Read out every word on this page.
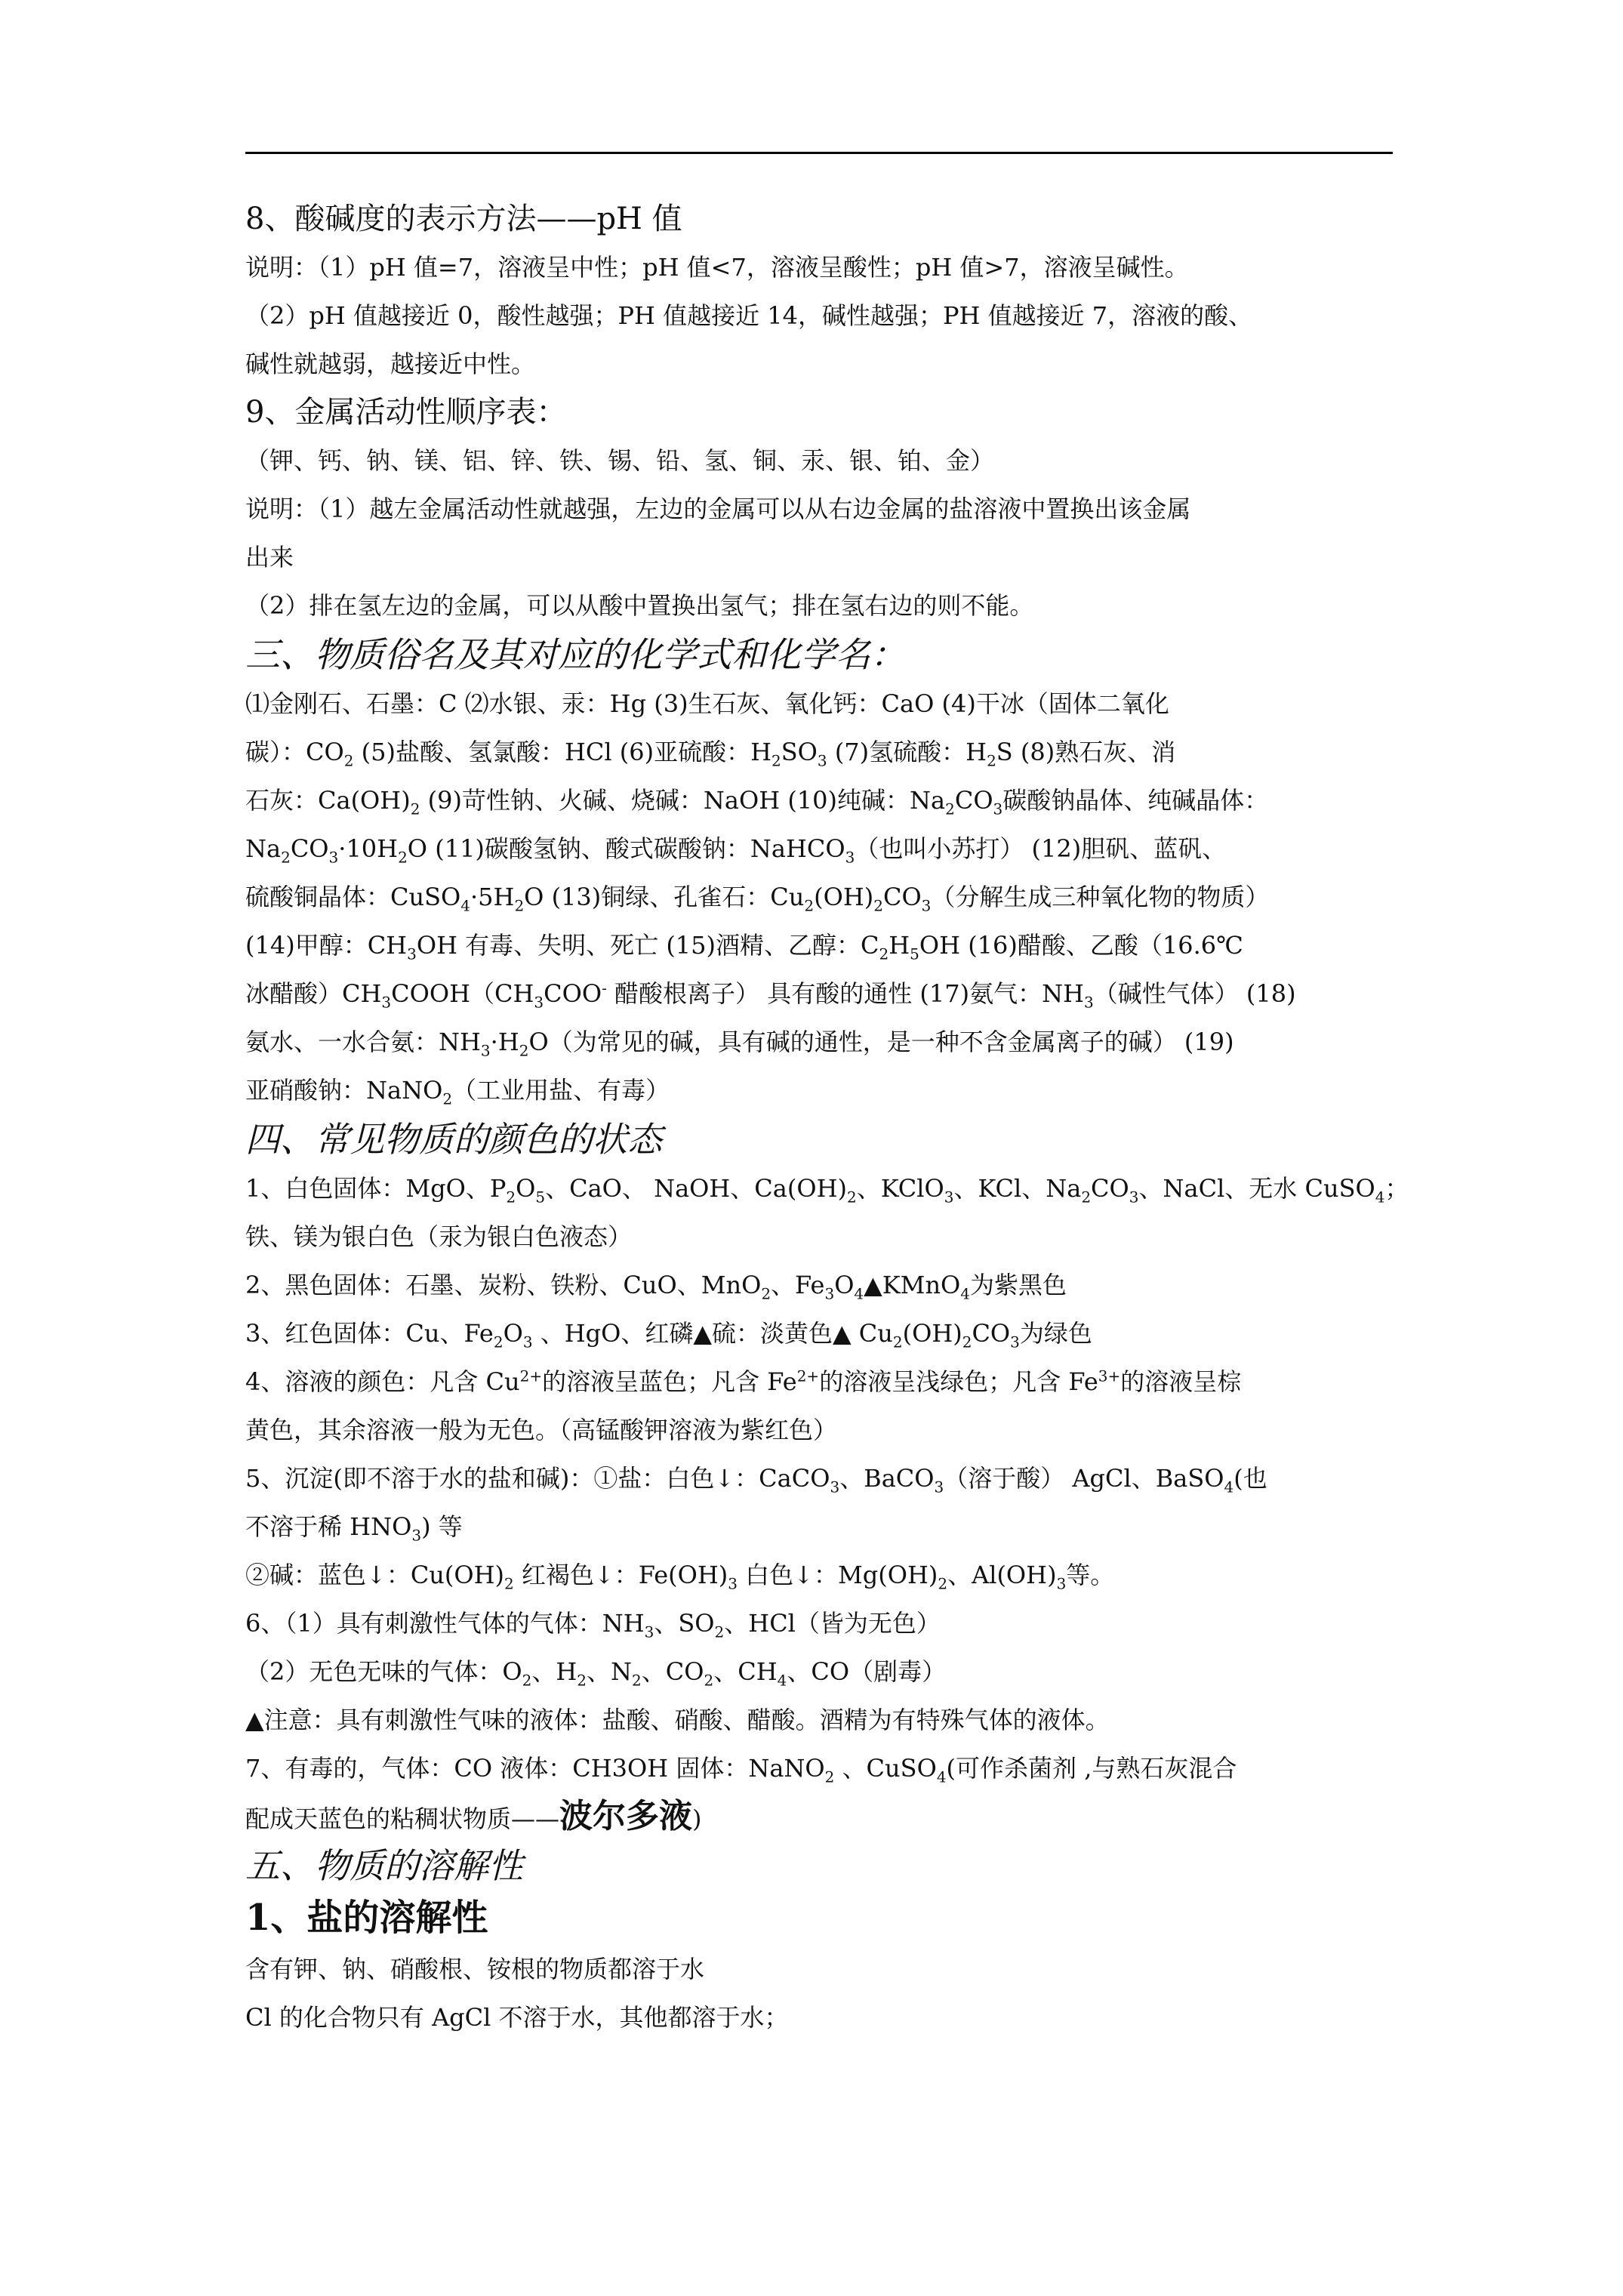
8、酸碱度的表示方法——pH 值
说明：（1）pH 值=7，溶液呈中性；pH 值<7，溶液呈酸性；pH 值>7，溶液呈碱性。
（2）pH 值越接近 0，酸性越强；PH 值越接近 14，碱性越强；PH 值越接近 7，溶液的酸、
碱性就越弱，越接近中性。
9、金属活动性顺序表：
（钾、钙、钠、镁、铝、锌、铁、锡、铅、氢、铜、汞、银、铂、金）
说明：（1）越左金属活动性就越强，左边的金属可以从右边金属的盐溶液中置换出该金属
出来
（2）排在氢左边的金属，可以从酸中置换出氢气；排在氢右边的则不能。
三、物质俗名及其对应的化学式和化学名：
⑴金刚石、石墨：C ⑵水银、汞：Hg (3)生石灰、氧化钙：CaO (4)干冰（固体二氧化
碳）：$CO_2$ (5)盐酸、氢氯酸：HCl (6)亚硫酸：$H_2SO_3$ (7)氢硫酸：$H_2S$ (8)熟石灰、消
石灰：$Ca(OH)_2$ (9)苛性钠、火碱、烧碱：NaOH (10)纯碱：$Na_2CO_3$碳酸钠晶体、纯碱晶体：
$Na_2CO_3\cdot 10H_2O$ (11)碳酸氢钠、酸式碳酸钠：NaHCO$_3$（也叫小苏打） (12)胆矾、蓝矾、
硫酸铜晶体：$CuSO_4\cdot 5H_2O$ (13)铜绿、孔雀石：$Cu_2(OH)_2CO_3$（分解生成三种氧化物的物质）
(14)甲醇：$CH_3OH$ 有毒、失明、死亡 (15)酒精、乙醇：$C_2H_5OH$ (16)醋酸、乙酸（16.6℃
冰醋酸）$CH_3COOH(CH_3COO^-$ 醋酸根离子） 具有酸的通性 (17)氨气：$NH_3$（碱性气体） (18)
氨水、一水合氨：$NH_3\cdot H_2O$（为常见的碱，具有碱的通性，是一种不含金属离子的碱） (19)
亚硝酸钠：NaNO$_2$（工业用盐、有毒）
四、常见物质的颜色的状态
1、白色固体：MgO、$P_2O_5$、CaO、 NaOH、$Ca(OH)_2$、KClO$_3$、KCl、$Na_2CO_3$、NaCl、无水 CuSO$_4$；
铁、镁为银白色（汞为银白色液态）
2、黑色固体：石墨、炭粉、铁粉、CuO、MnO$_2$、$Fe_3O_4▲KMnO_4$为紫黑色
3、红色固体：Cu、$Fe_2O_3$ 、HgO、红磷▲硫：淡黄色▲ $Cu_2(OH)_2CO_3$为绿色
4、溶液的颜色：凡含 $Cu^{2+}$的溶液呈蓝色；凡含 $Fe^{2+}$的溶液呈浅绿色；凡含 $Fe^{3+}$的溶液呈棕
黄色，其余溶液一般为无色。（高锰酸钾溶液为紫红色）
5、沉淀(即不溶于水的盐和碱)：①盐：白色↓：CaCO$_3$、BaCO$_3$（溶于酸） AgCl、BaSO$_4$(也
不溶于稀 $HNO_3$) 等
②碱：蓝色↓：$Cu(OH)_2$ 红褐色↓：$Fe(OH)_3$ 白色↓：$Mg(OH)_2$、$Al(OH)_3$等。
6、（1）具有刺激性气体的气体：$NH_3$、$SO_2$、HCl（皆为无色）
（2）无色无味的气体：$O_2$、$H_2$、$N_2$、$CO_2$、$CH_4$、CO（剧毒）
▲注意：具有刺激性气味的液体：盐酸、硝酸、醋酸。酒精为有特殊气体的液体。
7、有毒的，气体：CO 液体：CH3OH 固体：NaNO$_2$ 、CuSO$_4$(可作杀菌剂 ,与熟石灰混合
配成天蓝色的粘稠状物质——波尔多液)
五、物质的溶解性
1、盐的溶解性
含有钾、钠、硝酸根、铵根的物质都溶于水
Cl 的化合物只有 AgCl 不溶于水，其他都溶于水；
